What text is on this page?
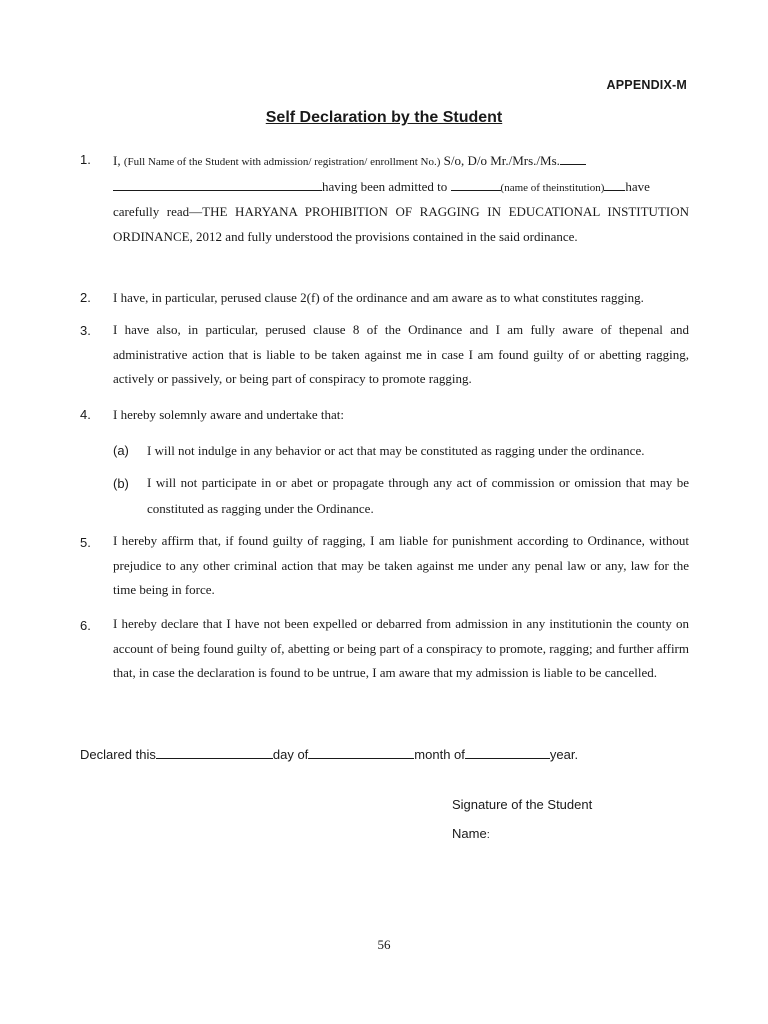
APPENDIX-M
Self Declaration by the Student
1. I, (Full Name of the Student with admission/ registration/ enrollment No.) S/o, D/o Mr./Mrs./Ms.
having been admitted to	(name of theinstitution) have
carefully read—THE HARYANA PROHIBITION OF RAGGING IN EDUCATIONAL INSTITUTION ORDINANCE, 2012 and fully understood the provisions contained in the said ordinance.
2. I have, in particular, perused clause 2(f) of the ordinance and am aware as to what constitutes ragging.
3. I have also, in particular, perused clause 8 of the Ordinance and I am fully aware of thepenal and administrative action that is liable to be taken against me in case I am found guilty of or abetting ragging, actively or passively, or being part of conspiracy to promote ragging.
4. I hereby solemnly aware and undertake that:
(a) I will not indulge in any behavior or act that may be constituted as ragging under the ordinance.
(b) I will not participate in or abet or propagate through any act of commission or omission that may be constituted as ragging under the Ordinance.
5. I hereby affirm that, if found guilty of ragging, I am liable for punishment according to Ordinance, without prejudice to any other criminal action that may be taken against me under any penal law or any, law for the time being in force.
6. I hereby declare that I have not been expelled or debarred from admission in any institutionin the county on account of being found guilty of, abetting or being part of a conspiracy to promote, ragging; and further affirm that, in case the declaration is found to be untrue, I am aware that my admission is liable to be cancelled.
Declared this	day of	month of	year.
Signature of the Student
Name:
56
